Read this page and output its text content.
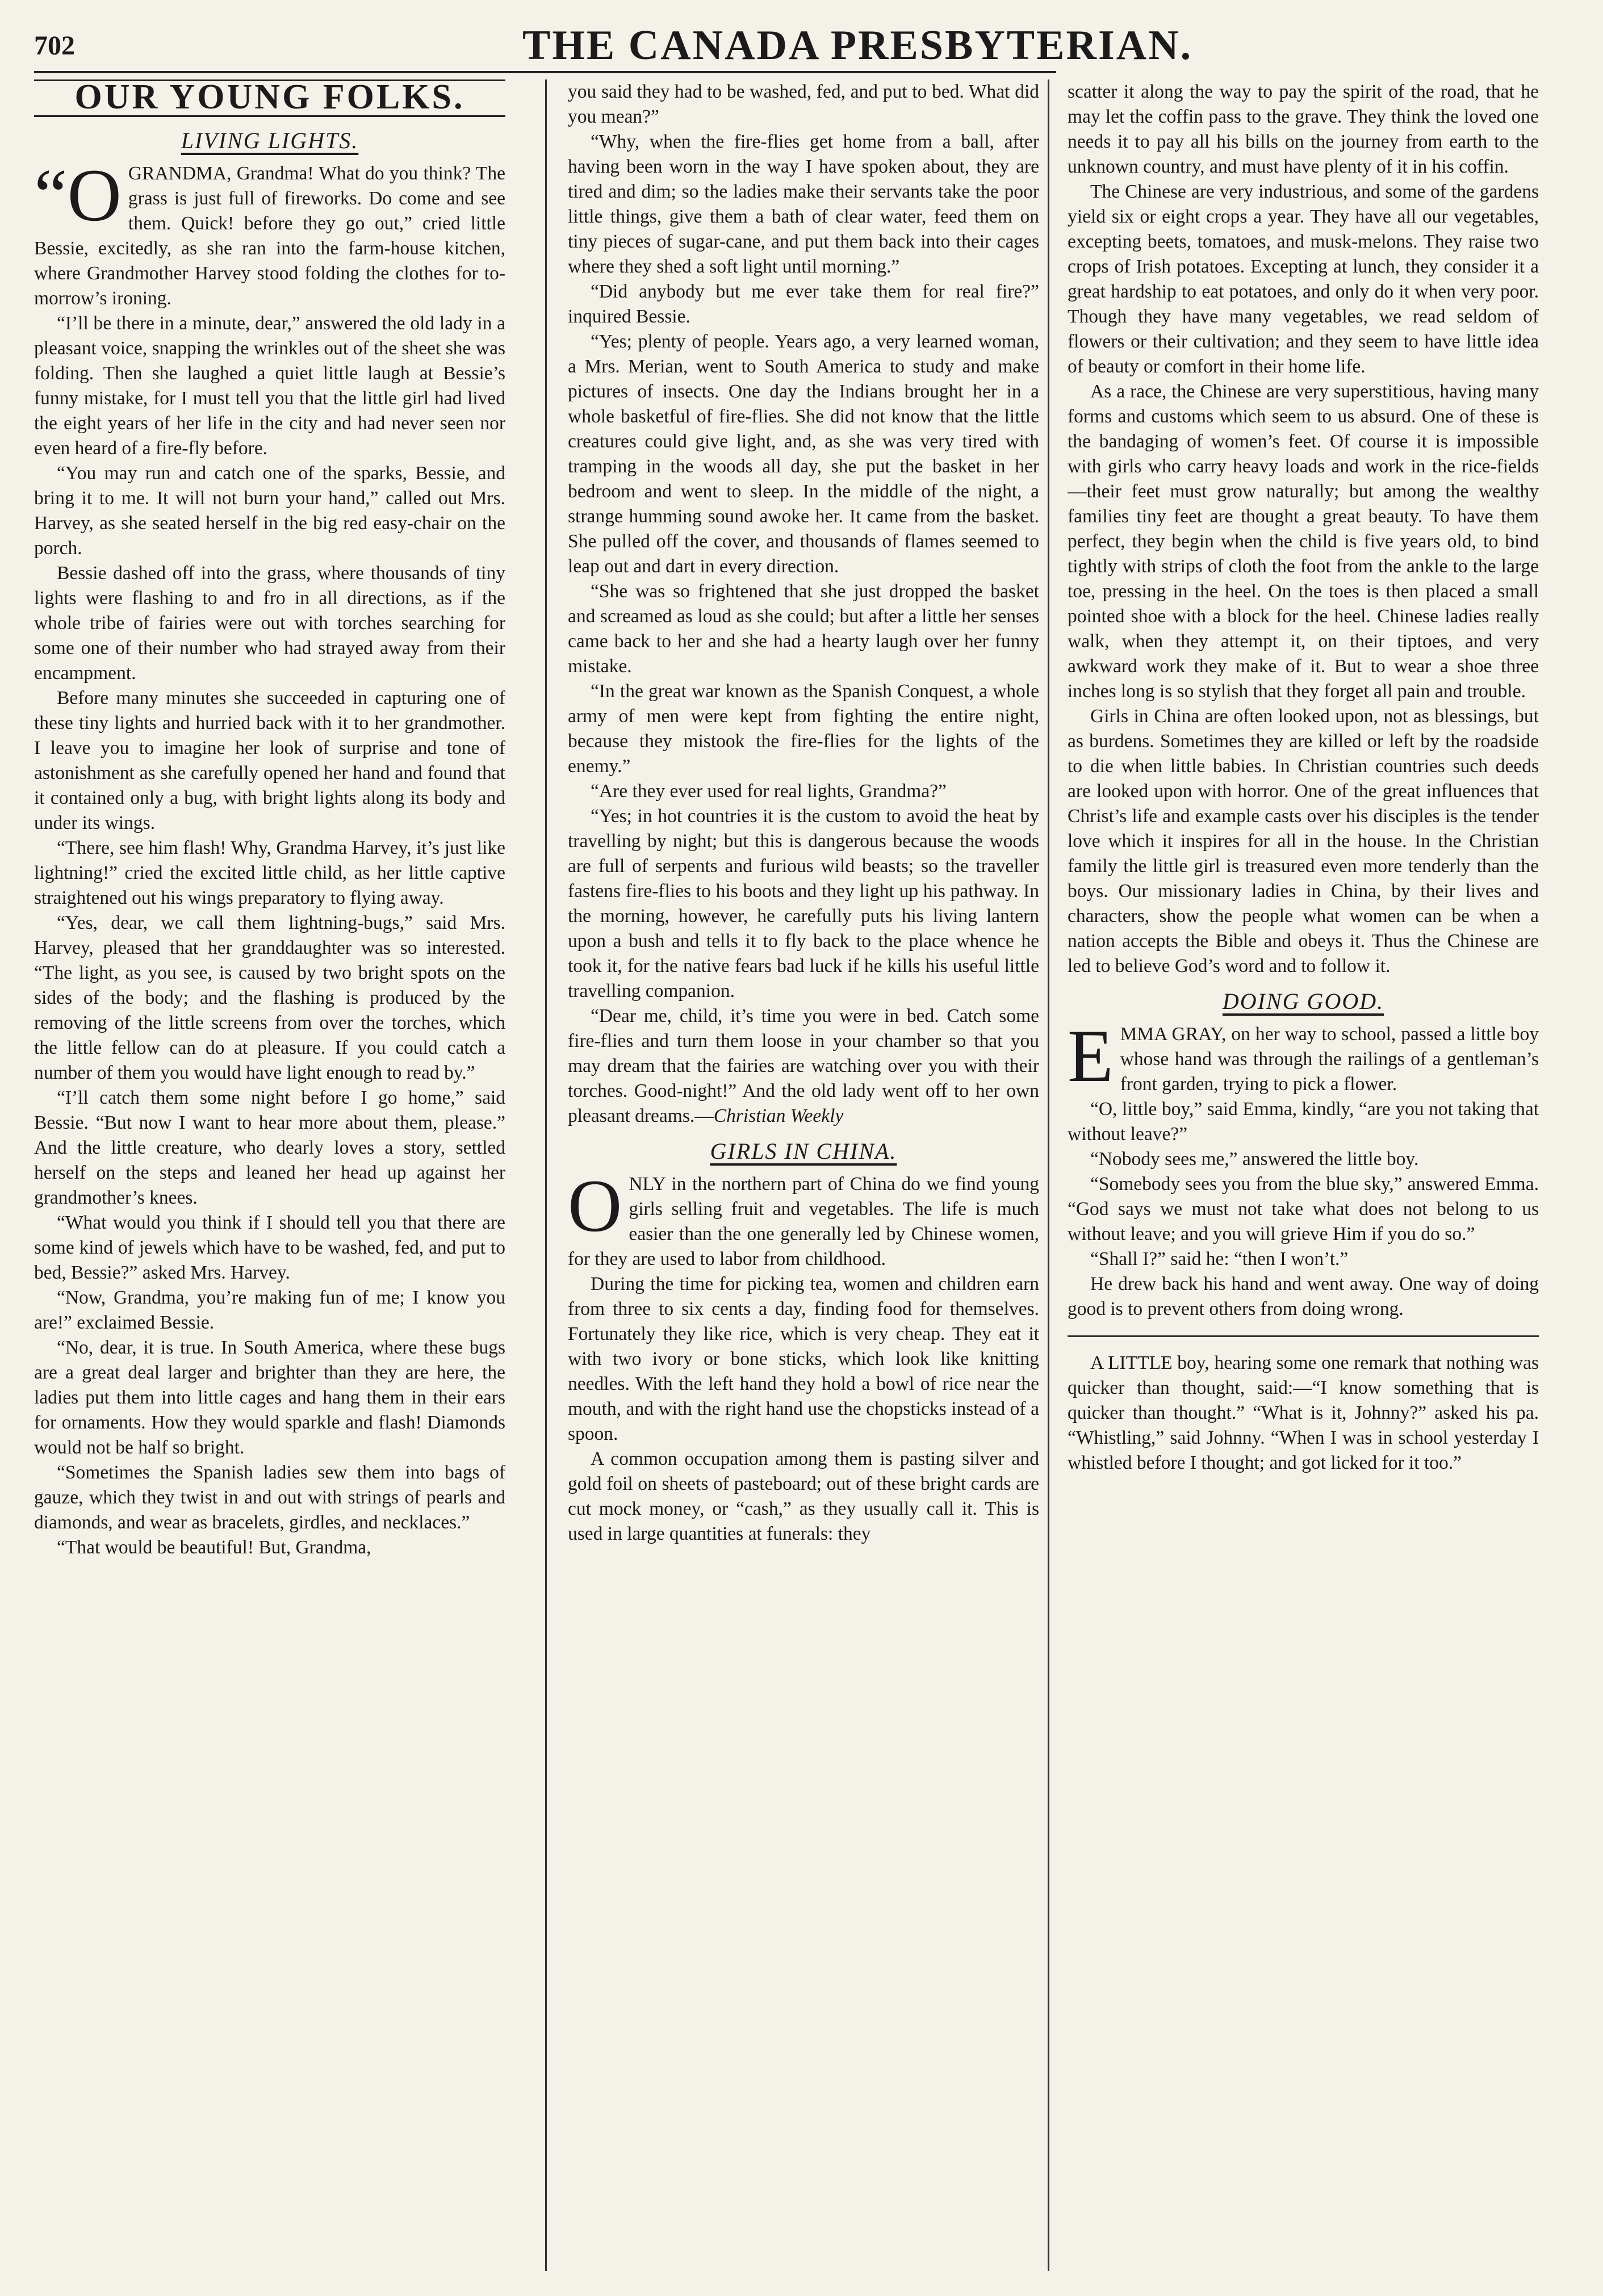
702	THE CANADA PRESBYTERIAN.
OUR YOUNG FOLKS.
LIVING LIGHTS.

“O GRANDMA, Grandma! What do you think? The grass is just full of fireworks. Do come and see them. Quick! before they go out,” cried little Bessie, excitedly, as she ran into the farm-house kitchen, where Grandmother Harvey stood folding the clothes for to-morrow’s ironing.

“I’ll be there in a minute, dear,” answered the old lady in a pleasant voice, snapping the wrinkles out of the sheet she was folding. Then she laughed a quiet little laugh at Bessie’s funny mistake, for I must tell you that the little girl had lived the eight years of her life in the city and had never seen nor even heard of a fire-fly before.

“You may run and catch one of the sparks, Bessie, and bring it to me. It will not burn your hand,” called out Mrs. Harvey, as she seated herself in the big red easy-chair on the porch.

Bessie dashed off into the grass, where thousands of tiny lights were flashing to and fro in all directions, as if the whole tribe of fairies were out with torches searching for some one of their number who had strayed away from their encampment.

Before many minutes she succeeded in capturing one of these tiny lights and hurried back with it to her grandmother. I leave you to imagine her look of surprise and tone of astonishment as she carefully opened her hand and found that it contained only a bug, with bright lights along its body and under its wings.

“There, see him flash! Why, Grandma Harvey, it’s just like lightning!” cried the excited little child, as her little captive straightened out his wings preparatory to flying away.

“Yes, dear, we call them lightning-bugs,” said Mrs. Harvey, pleased that her granddaughter was so interested. “The light, as you see, is caused by two bright spots on the sides of the body; and the flashing is produced by the removing of the little screens from over the torches, which the little fellow can do at pleasure. If you could catch a number of them you would have light enough to read by.”

“I’ll catch them some night before I go home,” said Bessie. “But now I want to hear more about them, please.” And the little creature, who dearly loves a story, settled herself on the steps and leaned her head up against her grandmother’s knees.

“What would you think if I should tell you that there are some kind of jewels which have to be washed, fed, and put to bed, Bessie?” asked Mrs. Harvey.

“Now, Grandma, you’re making fun of me; I know you are!” exclaimed Bessie.

“No, dear, it is true. In South America, where these bugs are a great deal larger and brighter than they are here, the ladies put them into little cages and hang them in their ears for ornaments. How they would sparkle and flash! Diamonds would not be half so bright.

“Sometimes the Spanish ladies sew them into bags of gauze, which they twist in and out with strings of pearls and diamonds, and wear as bracelets, girdles, and necklaces.”

“That would be beautiful! But, Grandma,

you said they had to be washed, fed, and put to bed. What did you mean?”

“Why, when the fire-flies get home from a ball, after having been worn in the way I have spoken about, they are tired and dim; so the ladies make their servants take the poor little things, give them a bath of clear water, feed them on tiny pieces of sugar-cane, and put them back into their cages where they shed a soft light until morning.”

“Did anybody but me ever take them for real fire?” inquired Bessie.

“Yes; plenty of people. Years ago, a very learned woman, a Mrs. Merian, went to South America to study and make pictures of insects. One day the Indians brought her in a whole basketful of fire-flies. She did not know that the little creatures could give light, and, as she was very tired with tramping in the woods all day, she put the basket in her bedroom and went to sleep. In the middle of the night, a strange humming sound awoke her. It came from the basket. She pulled off the cover, and thousands of flames seemed to leap out and dart in every direction.

“She was so frightened that she just dropped the basket and screamed as loud as she could; but after a little her senses came back to her and she had a hearty laugh over her funny mistake.

“In the great war known as the Spanish Conquest, a whole army of men were kept from fighting the entire night, because they mistook the fire-flies for the lights of the enemy.”

“Are they ever used for real lights, Grandma?”

“Yes; in hot countries it is the custom to avoid the heat by travelling by night; but this is dangerous because the woods are full of serpents and furious wild beasts; so the traveller fastens fire-flies to his boots and they light up his pathway. In the morning, however, he carefully puts his living lantern upon a bush and tells it to fly back to the place whence he took it, for the native fears bad luck if he kills his useful little travelling companion.

“Dear me, child, it’s time you were in bed. Catch some fire-flies and turn them loose in your chamber so that you may dream that the fairies are watching over you with their torches. Good-night!” And the old lady went off to her own pleasant dreams.—Christian Weekly

GIRLS IN CHINA.

ONLY in the northern part of China do we find young girls selling fruit and vegetables. The life is much easier than the one generally led by Chinese women, for they are used to labor from childhood.

During the time for picking tea, women and children earn from three to six cents a day, finding food for themselves. Fortunately they like rice, which is very cheap. They eat it with two ivory or bone sticks, which look like knitting needles. With the left hand they hold a bowl of rice near the mouth, and with the right hand use the chopsticks instead of a spoon.

A common occupation among them is pasting silver and gold foil on sheets of pasteboard; out of these bright cards are cut mock money, or “cash,” as they usually call it. This is used in large quantities at funerals: they

scatter it along the way to pay the spirit of the road, that he may let the coffin pass to the grave. They think the loved one needs it to pay all his bills on the journey from earth to the unknown country, and must have plenty of it in his coffin.

The Chinese are very industrious, and some of the gardens yield six or eight crops a year. They have all our vegetables, excepting beets, tomatoes, and musk-melons. They raise two crops of Irish potatoes. Excepting at lunch, they consider it a great hardship to eat potatoes, and only do it when very poor. Though they have many vegetables, we read seldom of flowers or their cultivation; and they seem to have little idea of beauty or comfort in their home life.

As a race, the Chinese are very superstitious, having many forms and customs which seem to us absurd. One of these is the bandaging of women’s feet. Of course it is impossible with girls who carry heavy loads and work in the rice-fields—their feet must grow naturally; but among the wealthy families tiny feet are thought a great beauty. To have them perfect, they begin when the child is five years old, to bind tightly with strips of cloth the foot from the ankle to the large toe, pressing in the heel. On the toes is then placed a small pointed shoe with a block for the heel. Chinese ladies really walk, when they attempt it, on their tiptoes, and very awkward work they make of it. But to wear a shoe three inches long is so stylish that they forget all pain and trouble.

Girls in China are often looked upon, not as blessings, but as burdens. Sometimes they are killed or left by the roadside to die when little babies. In Christian countries such deeds are looked upon with horror. One of the great influences that Christ’s life and example casts over his disciples is the tender love which it inspires for all in the house. In the Christian family the little girl is treasured even more tenderly than the boys. Our missionary ladies in China, by their lives and characters, show the people what women can be when a nation accepts the Bible and obeys it. Thus the Chinese are led to believe God’s word and to follow it.

DOING GOOD.

EMMA GRAY, on her way to school, passed a little boy whose hand was through the railings of a gentleman’s front garden, trying to pick a flower.

“O, little boy,” said Emma, kindly, “are you not taking that without leave?”

“Nobody sees me,” answered the little boy.

“Somebody sees you from the blue sky,” answered Emma. “God says we must not take what does not belong to us without leave; and you will grieve Him if you do so.”

“Shall I?” said he: “then I won’t.”

He drew back his hand and went away. One way of doing good is to prevent others from doing wrong.

A LITTLE boy, hearing some one remark that nothing was quicker than thought, said:—“I know something that is quicker than thought.” “What is it, Johnny?” asked his pa. “Whistling,” said Johnny. “When I was in school yesterday I whistled before I thought; and got licked for it too.”
